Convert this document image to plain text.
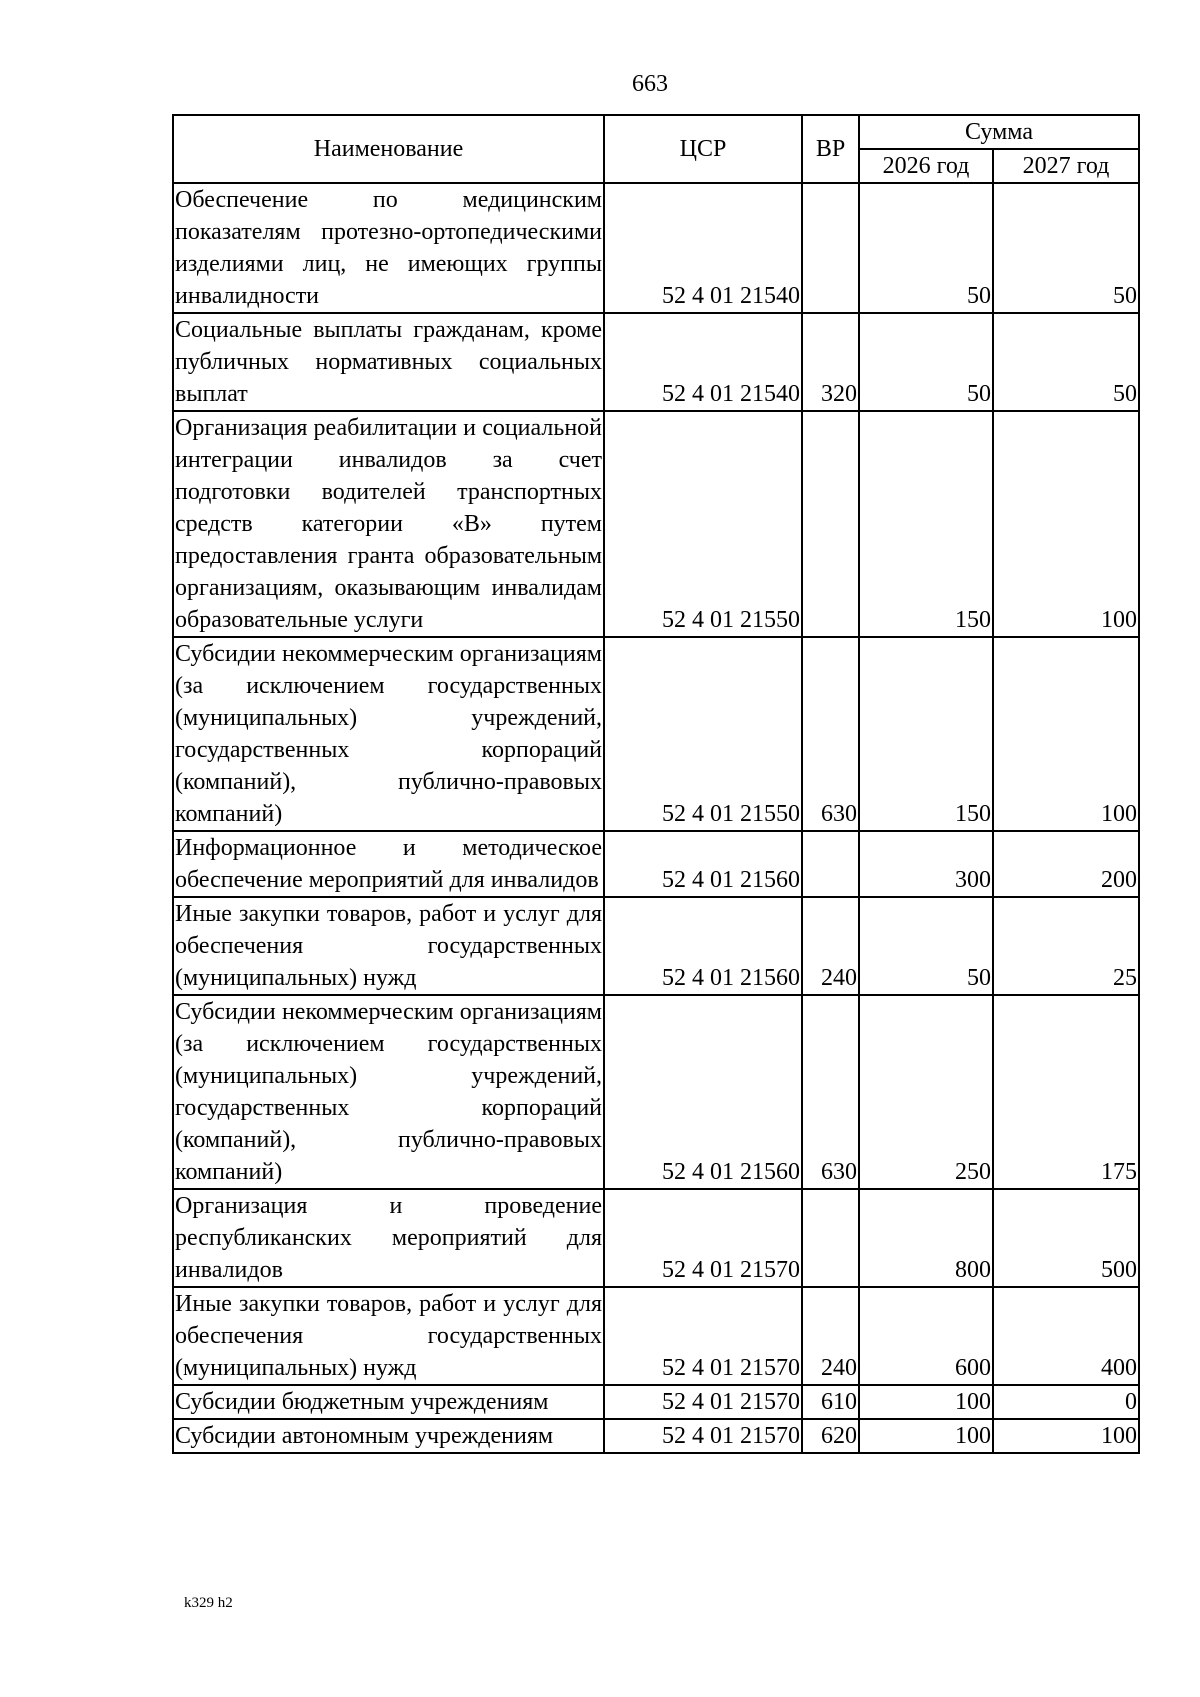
663
Наименование	ЦСР	ВР	Сумма	
			2026 год	2027 год
Обеспечение по медицинским показателям протезно-ортопедическими изделиями лиц, не имеющих группы инвалидности	52 4 01 21540		50	50
Социальные выплаты гражданам, кроме публичных нормативных социальных выплат	52 4 01 21540	320	50	50
Организация реабилитации и социальной интеграции инвалидов за счет подготовки водителей транспортных средств категории «В» путем предоставления гранта образовательным организациям, оказывающим инвалидам образовательные услуги	52 4 01 21550		150	100
Субсидии некоммерческим организациям (за исключением государственных (муниципальных) учреждений, государственных корпораций (компаний), публично-правовых компаний)	52 4 01 21550	630	150	100
Информационное и методическое обеспечение мероприятий для инвалидов	52 4 01 21560		300	200
Иные закупки товаров, работ и услуг для обеспечения государственных (муниципальных) нужд	52 4 01 21560	240	50	25
Субсидии некоммерческим организациям (за исключением государственных (муниципальных) учреждений, государственных корпораций (компаний), публично-правовых компаний)	52 4 01 21560	630	250	175
Организация и проведение республиканских мероприятий для инвалидов	52 4 01 21570		800	500
Иные закупки товаров, работ и услуг для обеспечения государственных (муниципальных) нужд	52 4 01 21570	240	600	400
Субсидии бюджетным учреждениям	52 4 01 21570	610	100	0
Субсидии автономным учреждениям	52 4 01 21570	620	100	100
k329 h2
